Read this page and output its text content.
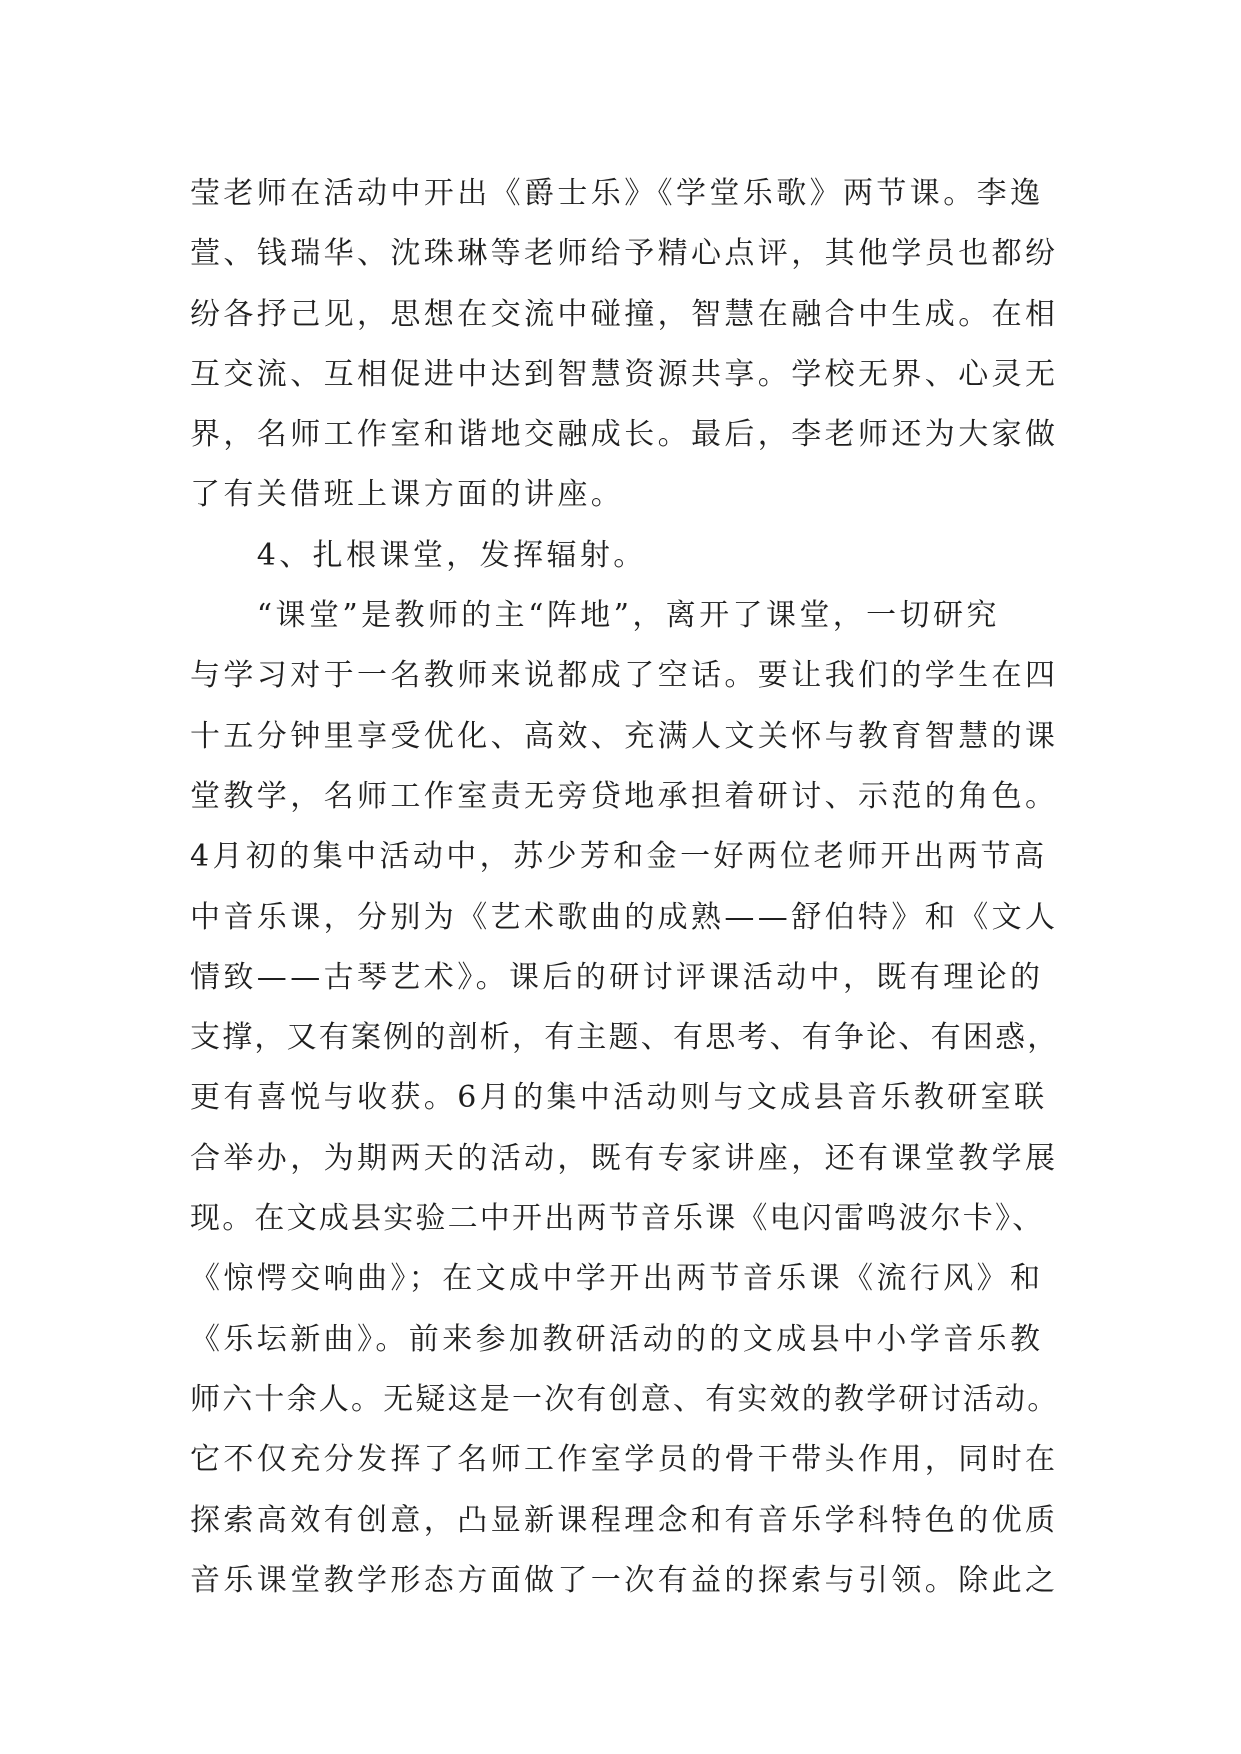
莹老师在活动中开出《爵士乐》《学堂乐歌》两节课。李逸
萱、钱瑞华、沈珠琳等老师给予精心点评，其他学员也都纷
纷各抒己见，思想在交流中碰撞，智慧在融合中生成。在相
互交流、互相促进中达到智慧资源共享。学校无界、心灵无
界，名师工作室和谐地交融成长。最后，李老师还为大家做
了有关借班上课方面的讲座。
　　4、扎根课堂，发挥辐射。
　　“课堂”是教师的主“阵地”，离开了课堂，一切研究
与学习对于一名教师来说都成了空话。要让我们的学生在四
十五分钟里享受优化、高效、充满人文关怀与教育智慧的课
堂教学，名师工作室责无旁贷地承担着研讨、示范的角色。
4月初的集中活动中，苏少芳和金一好两位老师开出两节高
中音乐课，分别为《艺术歌曲的成熟——舒伯特》和《文人
情致——古琴艺术》。课后的研讨评课活动中，既有理论的
支撑，又有案例的剖析，有主题、有思考、有争论、有困惑，
更有喜悦与收获。6月的集中活动则与文成县音乐教研室联
合举办，为期两天的活动，既有专家讲座，还有课堂教学展
现。在文成县实验二中开出两节音乐课《电闪雷鸣波尔卡》、
《惊愕交响曲》；在文成中学开出两节音乐课《流行风》和
《乐坛新曲》。前来参加教研活动的的文成县中小学音乐教
师六十余人。无疑这是一次有创意、有实效的教学研讨活动。
它不仅充分发挥了名师工作室学员的骨干带头作用，同时在
探索高效有创意，凸显新课程理念和有音乐学科特色的优质
音乐课堂教学形态方面做了一次有益的探索与引领。除此之
